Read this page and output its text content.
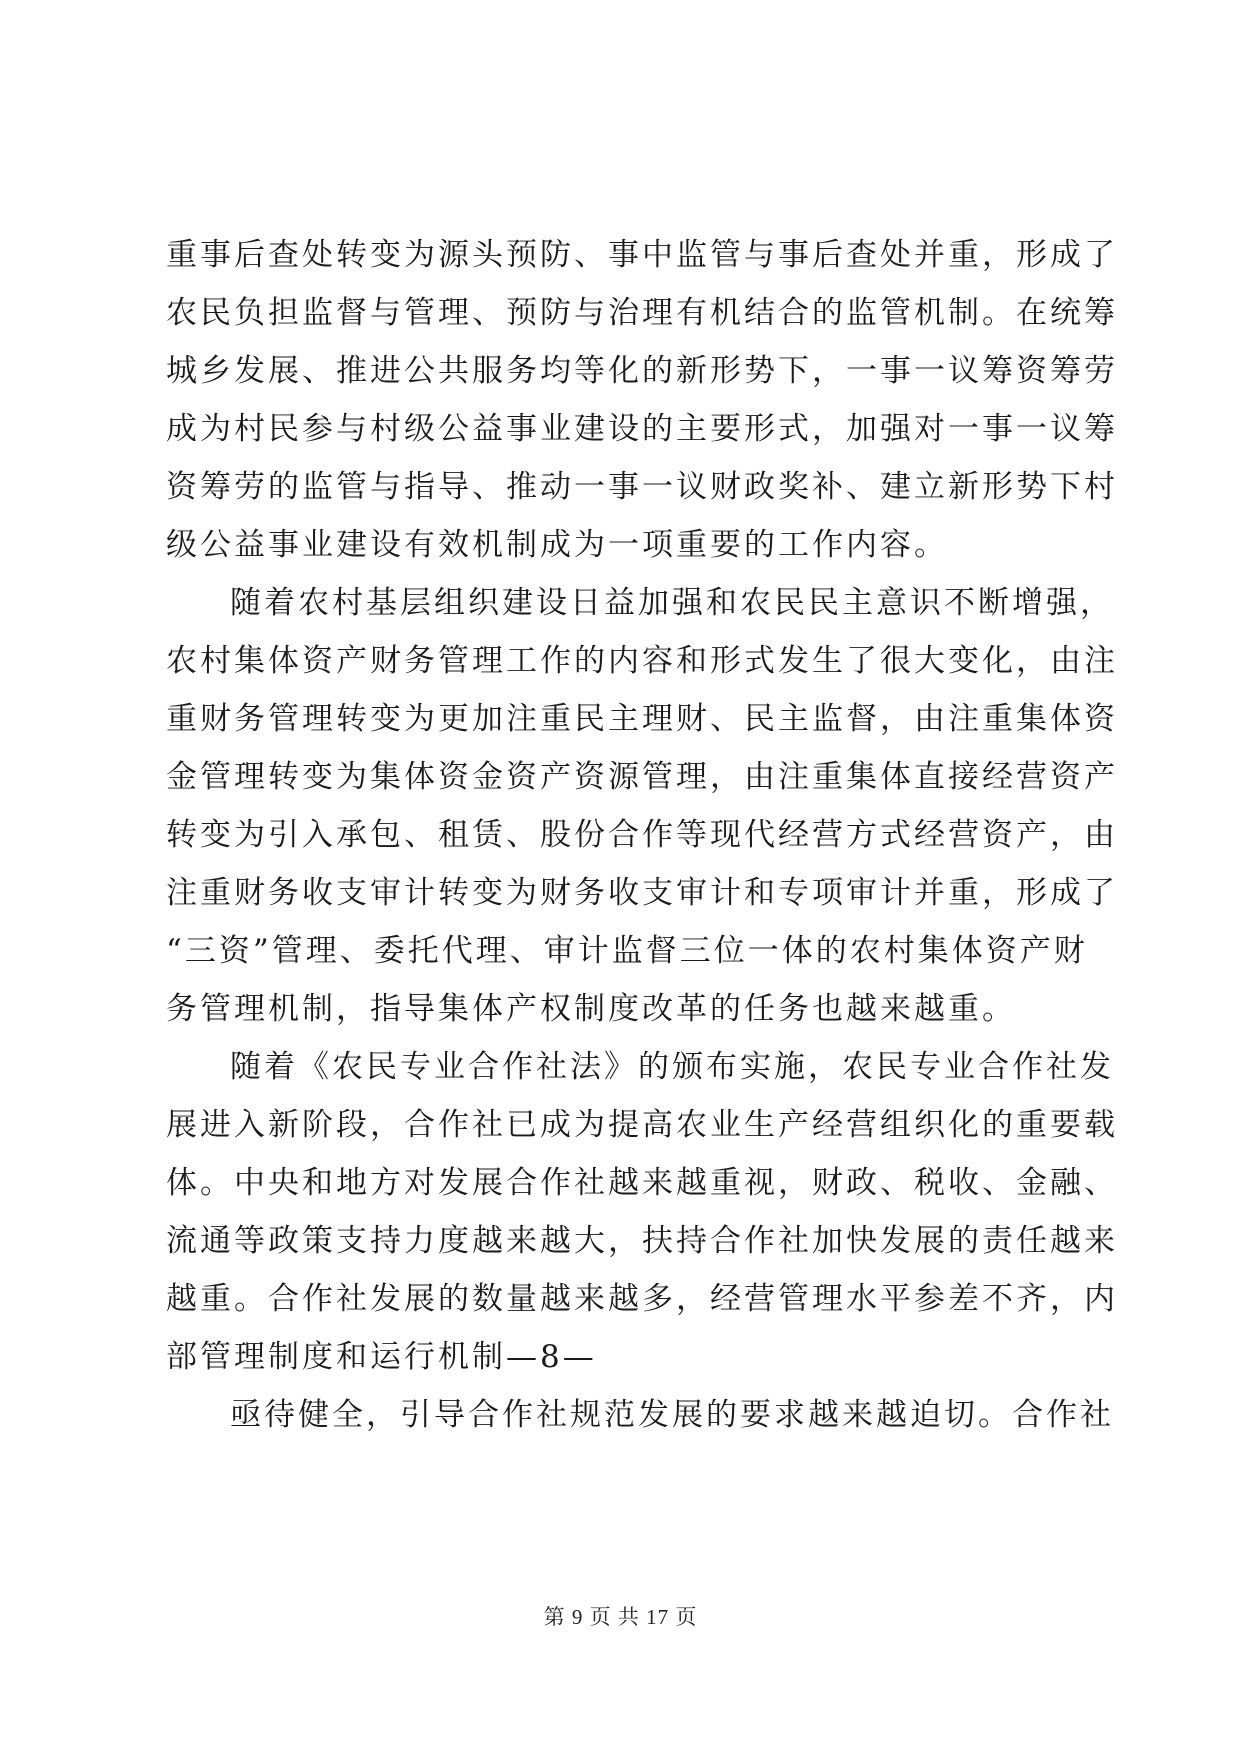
重事后查处转变为源头预防、事中监管与事后查处并重，形成了
农民负担监督与管理、预防与治理有机结合的监管机制。在统筹
城乡发展、推进公共服务均等化的新形势下，一事一议筹资筹劳
成为村民参与村级公益事业建设的主要形式，加强对一事一议筹
资筹劳的监管与指导、推动一事一议财政奖补、建立新形势下村
级公益事业建设有效机制成为一项重要的工作内容。
随着农村基层组织建设日益加强和农民民主意识不断增强，
农村集体资产财务管理工作的内容和形式发生了很大变化，由注
重财务管理转变为更加注重民主理财、民主监督，由注重集体资
金管理转变为集体资金资产资源管理，由注重集体直接经营资产
转变为引入承包、租赁、股份合作等现代经营方式经营资产，由
注重财务收支审计转变为财务收支审计和专项审计并重，形成了
“三资”管理、委托代理、审计监督三位一体的农村集体资产财
务管理机制，指导集体产权制度改革的任务也越来越重。
随着《农民专业合作社法》的颁布实施，农民专业合作社发
展进入新阶段，合作社已成为提高农业生产经营组织化的重要载
体。中央和地方对发展合作社越来越重视，财政、税收、金融、
流通等政策支持力度越来越大，扶持合作社加快发展的责任越来
越重。合作社发展的数量越来越多，经营管理水平参差不齐，内
部管理制度和运行机制—8—
亟待健全，引导合作社规范发展的要求越来越迫切。合作社
第 9 页 共 17 页
